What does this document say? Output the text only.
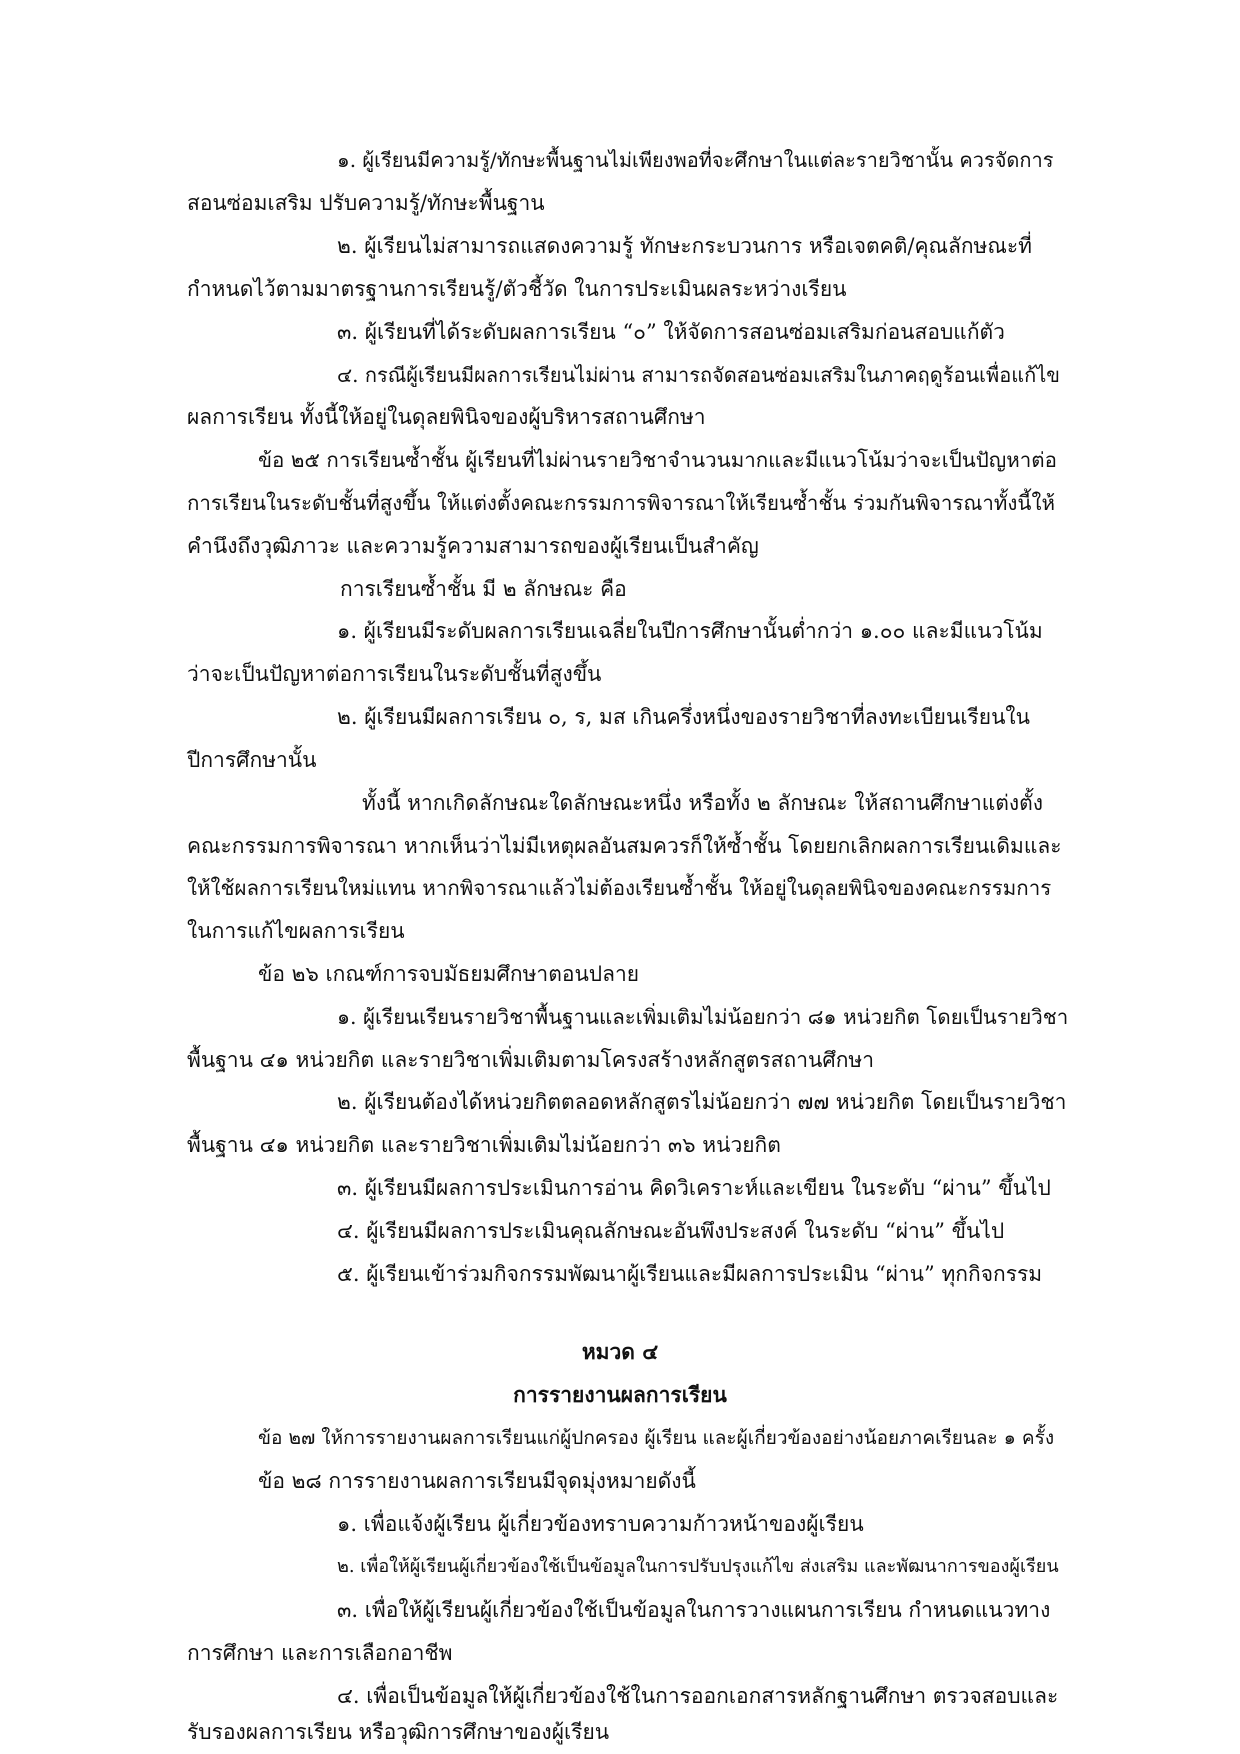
๑. ผู้เรียนมีความรู้/ทักษะพื้นฐานไม่เพียงพอที่จะศึกษาในแต่ละรายวิชานั้น ควรจัดการ
สอนซ่อมเสริม ปรับความรู้/ทักษะพื้นฐาน
๒. ผู้เรียนไม่สามารถแสดงความรู้ ทักษะกระบวนการ หรือเจตคติ/คุณลักษณะที่
กำหนดไว้ตามมาตรฐานการเรียนรู้/ตัวชี้วัด ในการประเมินผลระหว่างเรียน
๓. ผู้เรียนที่ได้ระดับผลการเรียน “๐” ให้จัดการสอนซ่อมเสริมก่อนสอบแก้ตัว
๔. กรณีผู้เรียนมีผลการเรียนไม่ผ่าน สามารถจัดสอนซ่อมเสริมในภาคฤดูร้อนเพื่อแก้ไข
ผลการเรียน ทั้งนี้ให้อยู่ในดุลยพินิจของผู้บริหารสถานศึกษา
ข้อ ๒๕ การเรียนซ้ำชั้น ผู้เรียนที่ไม่ผ่านรายวิชาจำนวนมากและมีแนวโน้มว่าจะเป็นปัญหาต่อ
การเรียนในระดับชั้นที่สูงขึ้น ให้แต่งตั้งคณะกรรมการพิจารณาให้เรียนซ้ำชั้น ร่วมกันพิจารณาทั้งนี้ให้
คำนึงถึงวุฒิภาวะ และความรู้ความสามารถของผู้เรียนเป็นสำคัญ
การเรียนซ้ำชั้น มี ๒ ลักษณะ คือ
๑. ผู้เรียนมีระดับผลการเรียนเฉลี่ยในปีการศึกษานั้นต่ำกว่า ๑.๐๐ และมีแนวโน้ม
ว่าจะเป็นปัญหาต่อการเรียนในระดับชั้นที่สูงขึ้น
๒. ผู้เรียนมีผลการเรียน ๐, ร, มส เกินครึ่งหนึ่งของรายวิชาที่ลงทะเบียนเรียนใน
ปีการศึกษานั้น
ทั้งนี้ หากเกิดลักษณะใดลักษณะหนึ่ง หรือทั้ง ๒ ลักษณะ ให้สถานศึกษาแต่งตั้ง
คณะกรรมการพิจารณา หากเห็นว่าไม่มีเหตุผลอันสมควรก็ให้ซ้ำชั้น โดยยกเลิกผลการเรียนเดิมและ
ให้ใช้ผลการเรียนใหม่แทน หากพิจารณาแล้วไม่ต้องเรียนซ้ำชั้น ให้อยู่ในดุลยพินิจของคณะกรรมการ
ในการแก้ไขผลการเรียน
ข้อ ๒๖ เกณฑ์การจบมัธยมศึกษาตอนปลาย
๑. ผู้เรียนเรียนรายวิชาพื้นฐานและเพิ่มเติมไม่น้อยกว่า ๘๑ หน่วยกิต โดยเป็นรายวิชา
พื้นฐาน ๔๑ หน่วยกิต และรายวิชาเพิ่มเติมตามโครงสร้างหลักสูตรสถานศึกษา
๒. ผู้เรียนต้องได้หน่วยกิตตลอดหลักสูตรไม่น้อยกว่า ๗๗ หน่วยกิต โดยเป็นรายวิชา
พื้นฐาน ๔๑ หน่วยกิต และรายวิชาเพิ่มเติมไม่น้อยกว่า ๓๖ หน่วยกิต
๓. ผู้เรียนมีผลการประเมินการอ่าน คิดวิเคราะห์และเขียน ในระดับ “ผ่าน” ขึ้นไป
๔. ผู้เรียนมีผลการประเมินคุณลักษณะอันพึงประสงค์ ในระดับ “ผ่าน” ขึ้นไป
๕. ผู้เรียนเข้าร่วมกิจกรรมพัฒนาผู้เรียนและมีผลการประเมิน “ผ่าน” ทุกกิจกรรม
หมวด ๔
การรายงานผลการเรียน
ข้อ ๒๗ ให้การรายงานผลการเรียนแก่ผู้ปกครอง ผู้เรียน และผู้เกี่ยวข้องอย่างน้อยภาคเรียนละ ๑ ครั้ง
ข้อ ๒๘ การรายงานผลการเรียนมีจุดมุ่งหมายดังนี้
๑. เพื่อแจ้งผู้เรียน ผู้เกี่ยวข้องทราบความก้าวหน้าของผู้เรียน
๒. เพื่อให้ผู้เรียนผู้เกี่ยวข้องใช้เป็นข้อมูลในการปรับปรุงแก้ไข ส่งเสริม และพัฒนาการของผู้เรียน
๓. เพื่อให้ผู้เรียนผู้เกี่ยวข้องใช้เป็นข้อมูลในการวางแผนการเรียน กำหนดแนวทาง
การศึกษา และการเลือกอาชีพ
๔. เพื่อเป็นข้อมูลให้ผู้เกี่ยวข้องใช้ในการออกเอกสารหลักฐานศึกษา ตรวจสอบและ
รับรองผลการเรียน หรือวุฒิการศึกษาของผู้เรียน
